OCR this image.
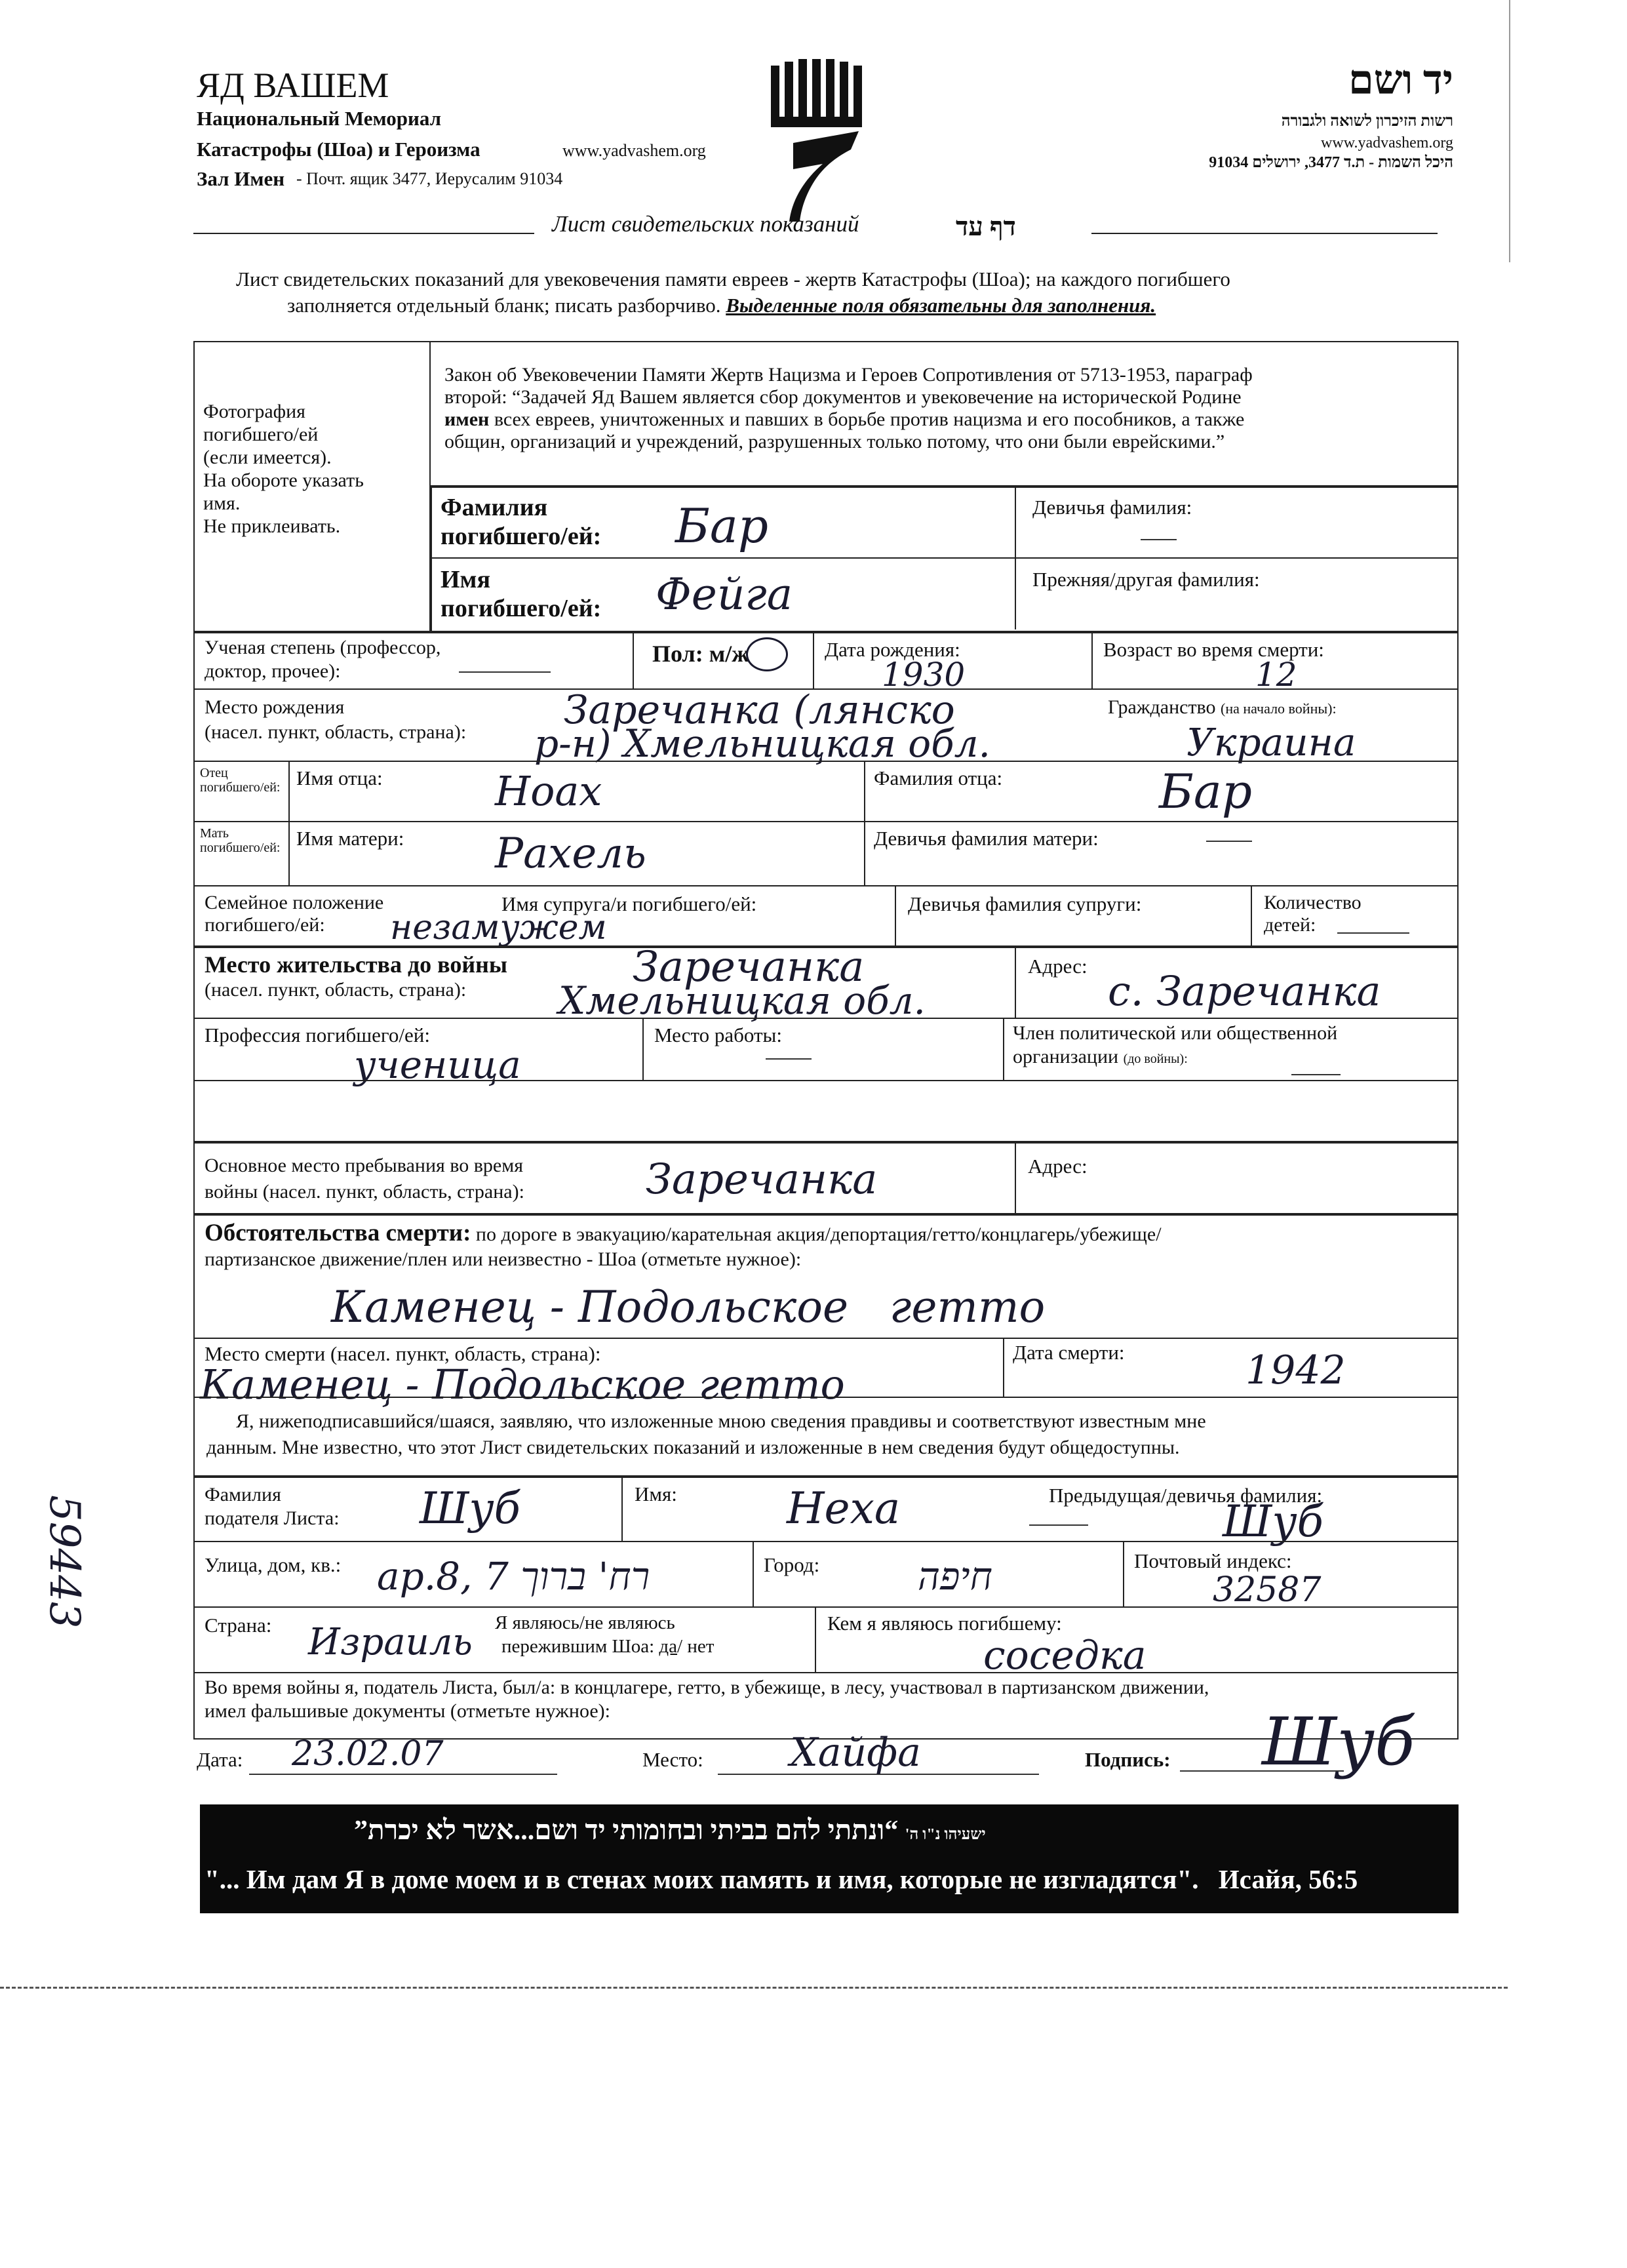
ЯД ВАШЕМ
Национальный Мемориал
Катастрофы (Шоа) и Героизма	www.yadvashem.org
Зал Имен - Почт. ящик 3477, Иерусалим 91034
יד ושם
רשות הזיכרון לשואה ולגבורה
www.yadvashem.org
היכל השמות - ת.ד 3477, ירושלים 91034
Лист свидетельских показаний	דף עד
Лист свидетельских показаний для увековечения памяти евреев - жертв Катастрофы (Шоа); на каждого погибшего
заполняется отдельный бланк; писать разборчиво. Выделенные поля обязательны для заполнения.
Фотография
погибшего/ей
(если имеется).
На обороте указать
имя.
Не приклеивать.
Закон об Увековечении Памяти Жертв Нацизма и Героев Сопротивления от 5713-1953, параграф
второй: “Задачей Яд Вашем является сбор документов и увековечение на исторической Родине
имен всех евреев, уничтоженных и павших в борьбе против нацизма и его пособников, а также
общин, организаций и учреждений, разрушенных только потому, что они были еврейскими.”
Фамилия
погибшего/ей: Бар	Девичья фамилия:
Имя
погибшего/ей: Фейга	Прежняя/другая фамилия:
Ученая степень (профессор,
доктор, прочее):
Пол: м/ж	Дата рождения:
1930
Возраст во время смерти:
12
Место рождения
(насел. пункт, область, страна): Заречанка (лянско
р-н) Хмельницкая обл.
Гражданство (на начало войны):
Украина
Отец погибшего/ей: Имя отца:	Ноах	Фамилия отца:	Бар
Мать погибшего/ей: Имя матери: Рахель	Девичья фамилия матери:
Семейное положение
погибшего/ей:	незамужем
Имя супруга/и погибшего/ей:	Девичья фамилия супруги:	Количество
детей:
Место жительства до войны
(насел. пункт, область, страна):	Заречанка
Хмельницкая обл.
Адрес:
с. Заречанка
Профессия погибшего/ей:
ученица
Место работы:	Член политической или общественной
организации (до войны):
Основное место пребывания во время
войны (насел. пункт, область, страна):	Заречанка	Адрес:
Обстоятельства смерти: по дороге в эвакуацию/карательная акция/депортация/гетто/концлагерь/убежище/
партизанское движение/плен или неизвестно - Шоа (отметьте нужное):
Каменец - Подольское   гетто
Место смерти (насел. пункт, область, страна):
Каменец - Подольское гетто
Дата смерти:	1942
Я, нижеподписавшийся/шаяся, заявляю, что изложенные мною сведения правдивы и соответствуют известным мне
данным. Мне известно, что этот Лист свидетельских показаний и изложенные в нем сведения будут общедоступны.
Фамилия
подателя Листа: Шуб	Имя:	Неха	Предыдущая/девичья фамилия:
Шуб
Улица, дом, кв.: ар.8, 7 רח' ברוך	Город:	חיפה	Почтовый индекс:
32587
Страна: Израиль Я являюсь/не являюсь
пережившим Шоа: да/ нет
Кем я являюсь погибшему:
соседка
Во время войны я, податель Листа, был/а: в концлагере, гетто, в убежище, в лесу, участвовал в партизанском движении,
имел фальшивые документы (отметьте нужное):
Дата: 23.02.07	Место: Хайфа	Подпись: Шуб
ישעיהו נ"ו ה' “ונתתי להם בביתי ובחומותי יד ושם...אשר לא יכרת”
"... Им дам Я в доме моем и в стенах моих память и имя, которые не изгладятся". Исайя, 56:5
59443
